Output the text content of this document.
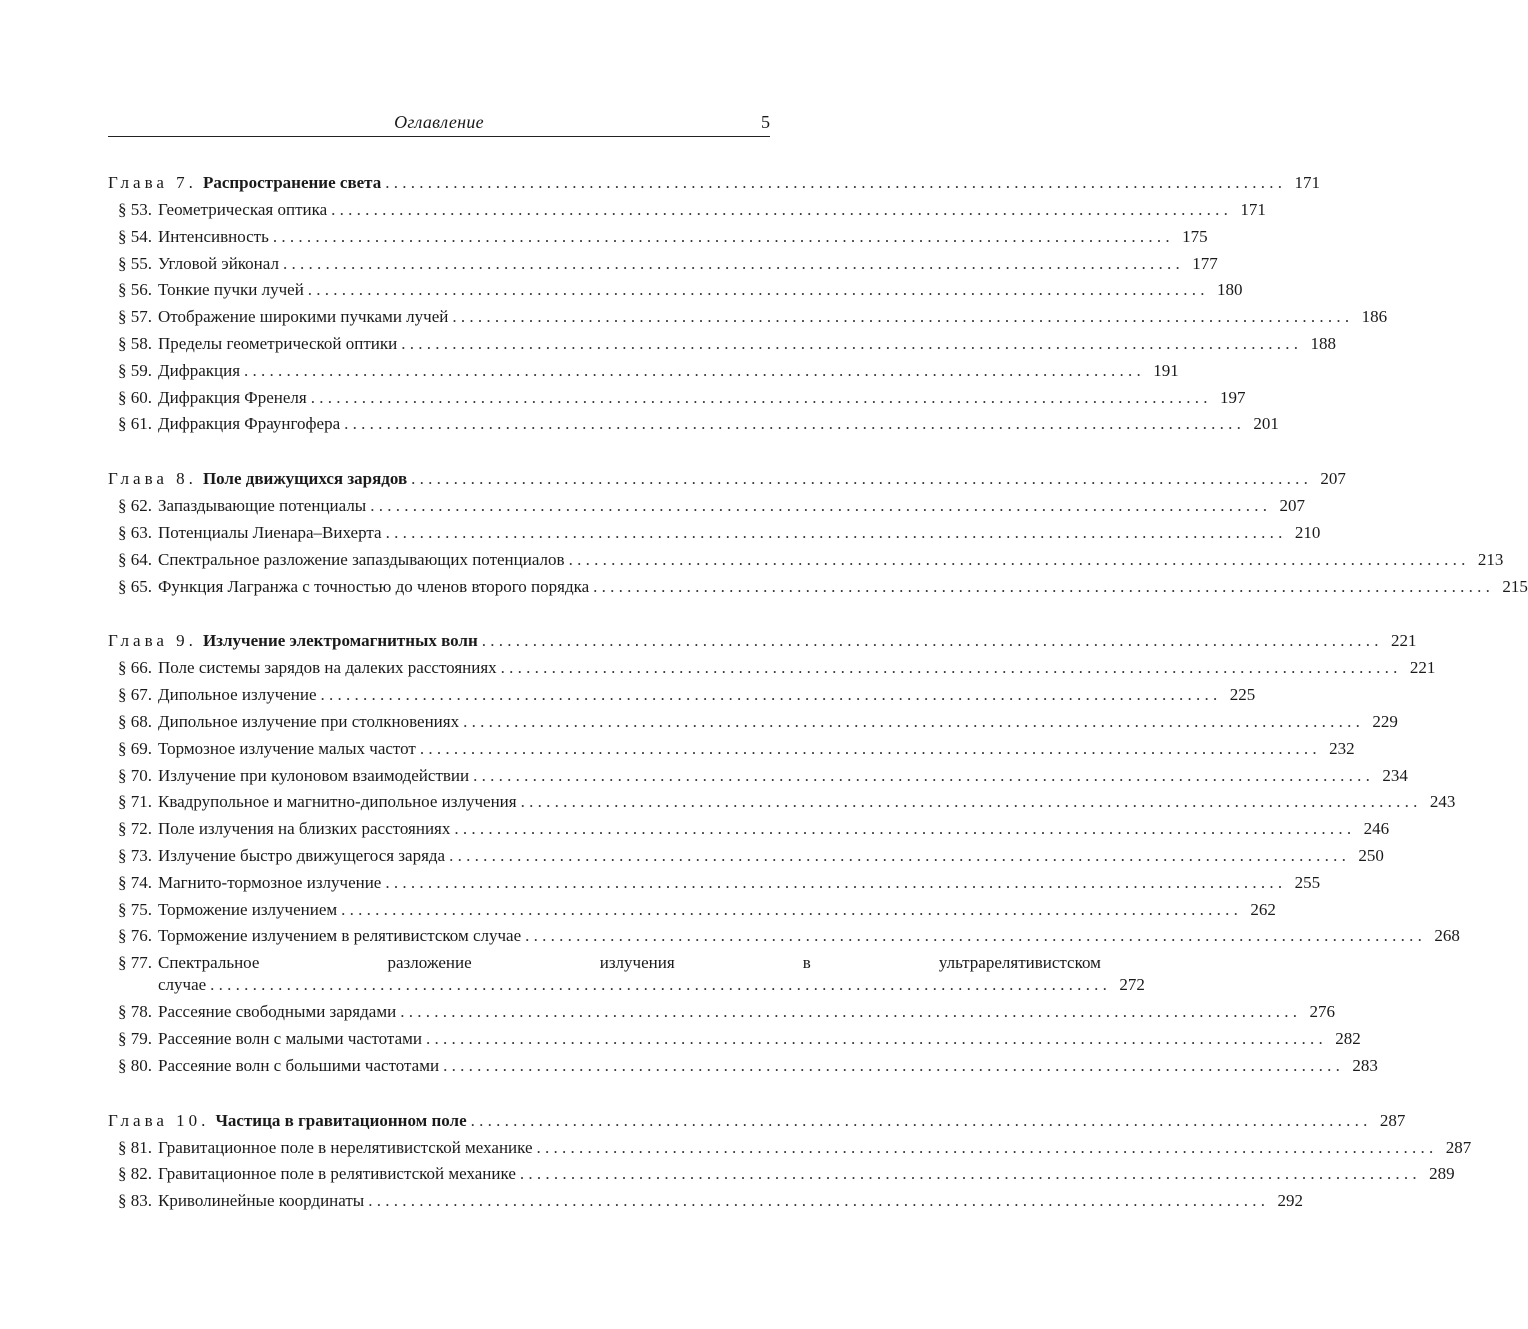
Оглавление	5
Глава 7. Распространение света . . .	171
§ 53. Геометрическая оптика . . .	171
§ 54. Интенсивность . . .	175
§ 55. Угловой эйконал . . .	177
§ 56. Тонкие пучки лучей . . .	180
§ 57. Отображение широкими пучками лучей . . .	186
§ 58. Пределы геометрической оптики . . .	188
§ 59. Дифракция . . .	191
§ 60. Дифракция Френеля . . .	197
§ 61. Дифракция Фраунгофера . . .	201
Глава 8. Поле движущихся зарядов . . .	207
§ 62. Запаздывающие потенциалы . . .	207
§ 63. Потенциалы Лиенара–Вихерта . . .	210
§ 64. Спектральное разложение запаздывающих потенциалов . . .	213
§ 65. Функция Лагранжа с точностью до членов второго порядка . . .	215
Глава 9. Излучение электромагнитных волн . . .	221
§ 66. Поле системы зарядов на далеких расстояниях . . .	221
§ 67. Дипольное излучение . . .	225
§ 68. Дипольное излучение при столкновениях . . .	229
§ 69. Тормозное излучение малых частот . . .	232
§ 70. Излучение при кулоновом взаимодействии . . .	234
§ 71. Квадрупольное и магнитно-дипольное излучения . . .	243
§ 72. Поле излучения на близких расстояниях . . .	246
§ 73. Излучение быстро движущегося заряда . . .	250
§ 74. Магнито-тормозное излучение . . .	255
§ 75. Торможение излучением . . .	262
§ 76. Торможение излучением в релятивистском случае . . .	268
§ 77. Спектральное	разложение	излучения	в	ультрарелятивистском
случае . . .	272
§ 78. Рассеяние свободными зарядами . . .	276
§ 79. Рассеяние волн с малыми частотами . . .	282
§ 80. Рассеяние волн с большими частотами . . .	283
Глава 10. Частица в гравитационном поле . . .	287
§ 81. Гравитационное поле в нерелятивистской механике . . .	287
§ 82. Гравитационное поле в релятивистской механике . . .	289
§ 83. Криволинейные координаты . . .	292
